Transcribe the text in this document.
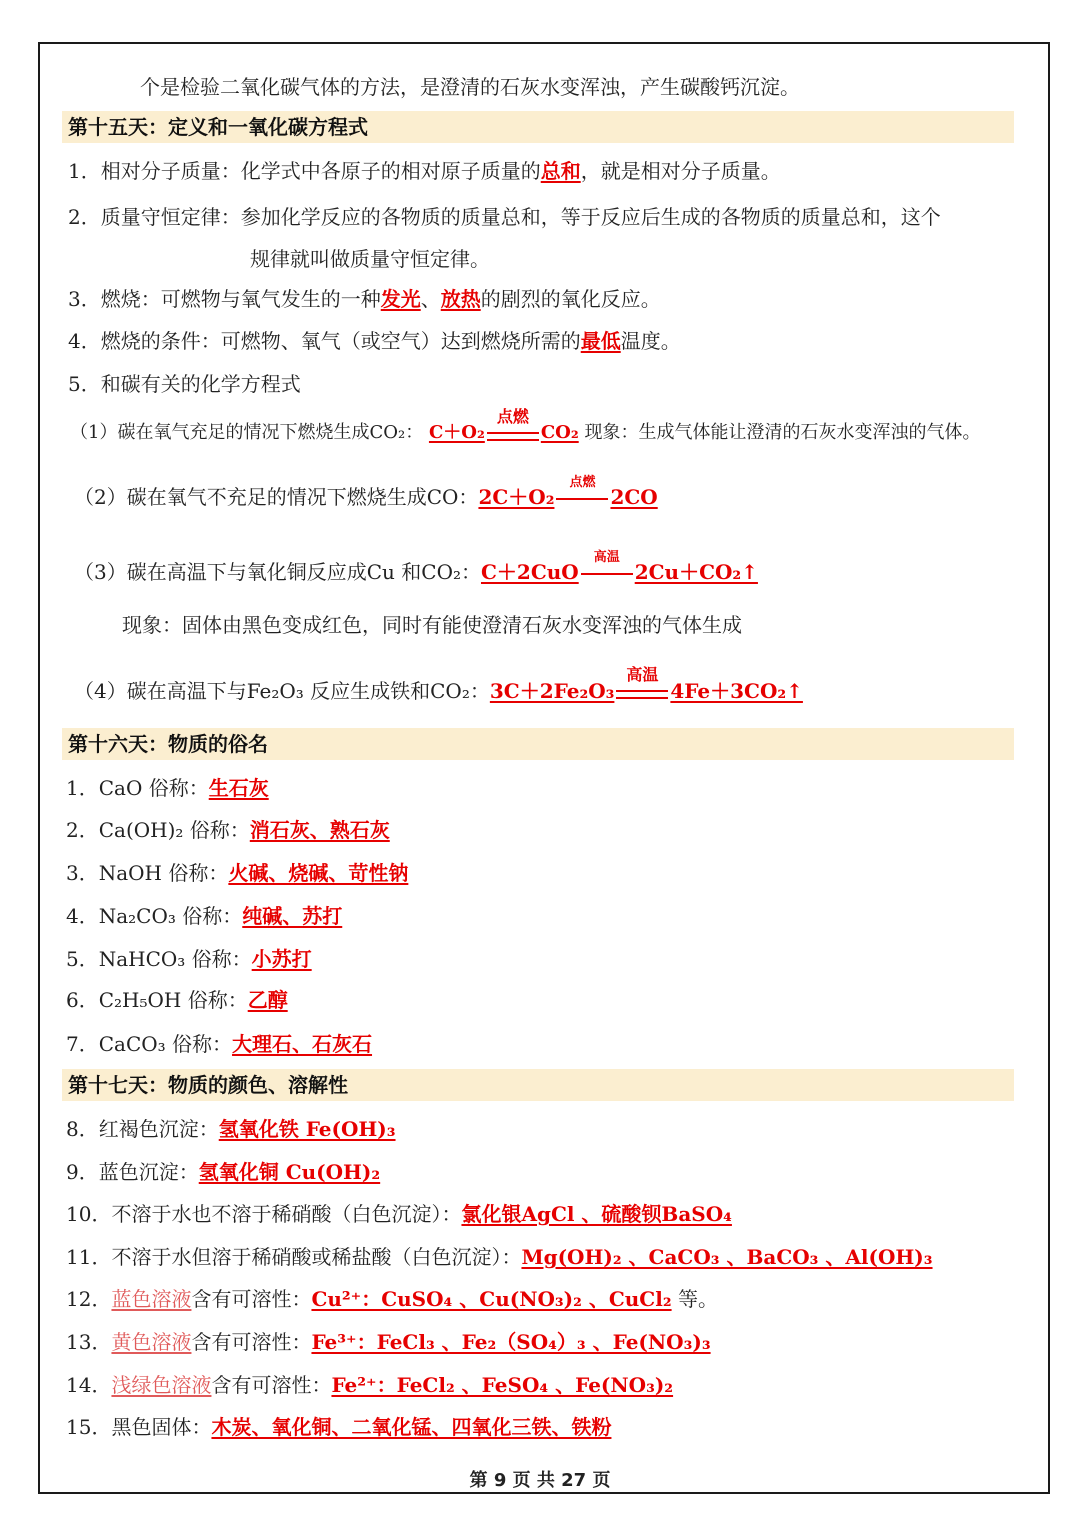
个是检验二氧化碳气体的方法，是澄清的石灰水变浑浊，产生碳酸钙沉淀。
第十五天：定义和一氧化碳方程式
1．相对分子质量：化学式中各原子的相对原子质量的总和，就是相对分子质量。
2．质量守恒定律：参加化学反应的各物质的质量总和，等于反应后生成的各物质的质量总和，这个
规律就叫做质量守恒定律。
3．燃烧：可燃物与氧气发生的一种发光、放热的剧烈的氧化反应。
4．燃烧的条件：可燃物、氧气（或空气）达到燃烧所需的最低温度。
5．和碳有关的化学方程式
（1）碳在氧气充足的情况下燃烧生成CO₂： C＋O₂
点燃
CO₂ 现象：生成气体能让澄清的石灰水变浑浊的气体。
（2）碳在氧气不充足的情况下燃烧生成CO：2C＋O₂
点燃
2CO
（3）碳在高温下与氧化铜反应成Cu 和CO₂：C＋2CuO
高温
2Cu＋CO₂↑
现象：固体由黑色变成红色，同时有能使澄清石灰水变浑浊的气体生成
（4）碳在高温下与Fe₂O₃ 反应生成铁和CO₂：3C＋2Fe₂O₃
高温
4Fe＋3CO₂↑
第十六天：物质的俗名
1．CaO 俗称：生石灰
2．Ca(OH)₂ 俗称：消石灰、熟石灰
3．NaOH 俗称：火碱、烧碱、苛性钠
4．Na₂CO₃ 俗称：纯碱、苏打
5．NaHCO₃ 俗称：小苏打
6．C₂H₅OH 俗称：乙醇
7．CaCO₃ 俗称：大理石、石灰石
第十七天：物质的颜色、溶解性
8．红褐色沉淀：氢氧化铁 Fe(OH)₃
9．蓝色沉淀：氢氧化铜 Cu(OH)₂
10．不溶于水也不溶于稀硝酸（白色沉淀）：氯化银AgCl 、硫酸钡BaSO₄
11．不溶于水但溶于稀硝酸或稀盐酸（白色沉淀）：Mg(OH)₂ 、CaCO₃ 、BaCO₃ 、Al(OH)₃
12．蓝色溶液含有可溶性：Cu²⁺：CuSO₄ 、Cu(NO₃)₂ 、CuCl₂ 等。
13．黄色溶液含有可溶性：Fe³⁺：FeCl₃ 、Fe₂（SO₄）₃ 、Fe(NO₃)₃
14．浅绿色溶液含有可溶性：Fe²⁺：FeCl₂ 、FeSO₄ 、Fe(NO₃)₂
15．黑色固体：木炭、氧化铜、二氧化锰、四氧化三铁、铁粉
第 9 页 共 27 页
